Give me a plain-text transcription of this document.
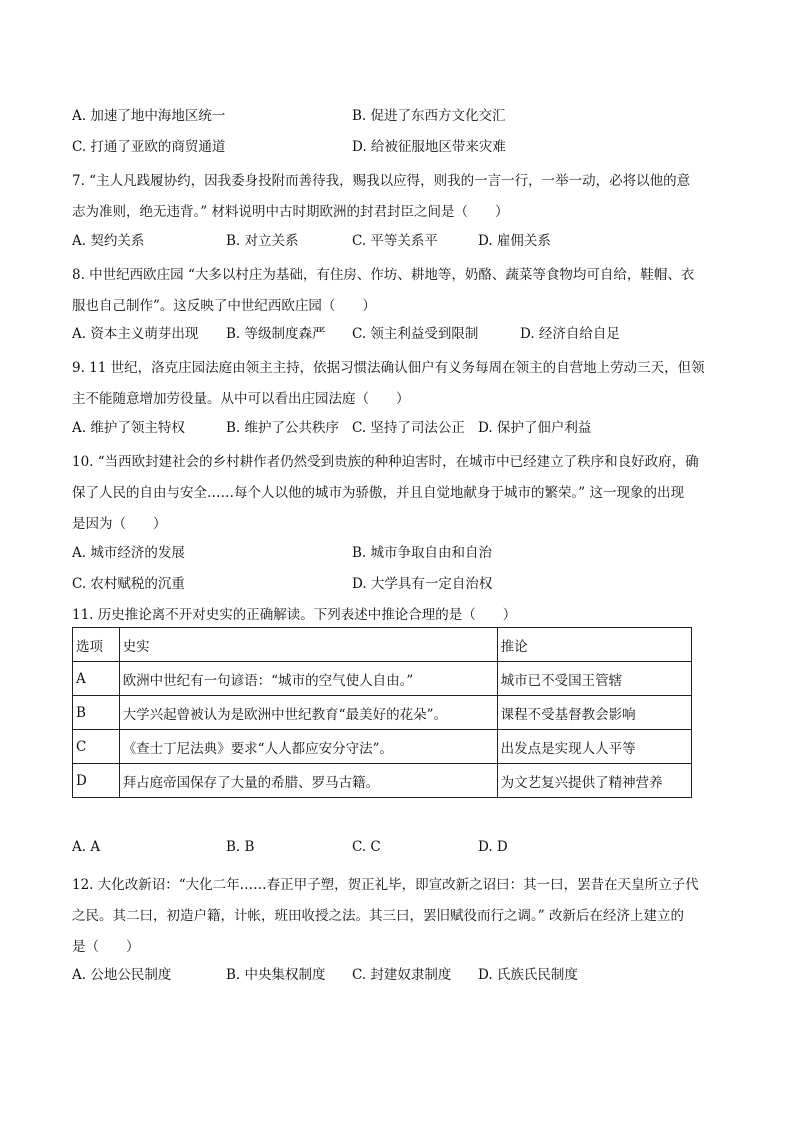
A. 加速了地中海地区统一	B. 促进了东西方文化交汇
C. 打通了亚欧的商贸通道	D. 给被征服地区带来灾难
7. “主人凡践履协约，因我委身投附而善待我，赐我以应得，则我的一言一行，一举一动，必将以他的意
志为准则，绝无违背。” 材料说明中古时期欧洲的封君封臣之间是（　　）
A. 契约关系	B. 对立关系	C. 平等关系平	D. 雇佣关系
8. 中世纪西欧庄园 “大多以村庄为基础，有住房、作坊、耕地等，奶酪、蔬菜等食物均可自给，鞋帽、衣
服也自己制作”。这反映了中世纪西欧庄园（　　）
A. 资本主义萌芽出现 B. 等级制度森严 C. 领主利益受到限制	D. 经济自给自足
9. 11 世纪，洛克庄园法庭由领主主持，依据习惯法确认佃户有义务每周在领主的自营地上劳动三天，但领
主不能随意增加劳役量。从中可以看出庄园法庭（　　）
A. 维护了领主特权	B. 维护了公共秩序 C. 坚持了司法公正 D. 保护了佃户利益
10. “当西欧封建社会的乡村耕作者仍然受到贵族的种种迫害时，在城市中已经建立了秩序和良好政府，确
保了人民的自由与安全……每个人以他的城市为骄傲，并且自觉地献身于城市的繁荣。” 这一现象的出现
是因为（　　）
A. 城市经济的发展	B. 城市争取自由和自治
C. 农村赋税的沉重	D. 大学具有一定自治权
11. 历史推论离不开对史实的正确解读。下列表述中推论合理的是（　　）
选项	史实	推论
A	欧洲中世纪有一句谚语：“城市的空气使人自由。”	城市已不受国王管辖
B	大学兴起曾被认为是欧洲中世纪教育“最美好的花朵”。	课程不受基督教会影响
C	《查士丁尼法典》要求“人人都应安分守法”。	出发点是实现人人平等
D	拜占庭帝国保存了大量的希腊、罗马古籍。	为文艺复兴提供了精神营养
A. A	B. B	C. C	D. D
12. 大化改新诏：“大化二年……春正甲子塑，贺正礼毕，即宣改新之诏曰：其一曰，罢昔在天皇所立子代
之民。其二曰，初造户籍，计帐，班田收授之法。其三曰，罢旧赋役而行之调。” 改新后在经济上建立的
是（　　）
A. 公地公民制度	B. 中央集权制度 C. 封建奴隶制度 D. 氏族氏民制度
